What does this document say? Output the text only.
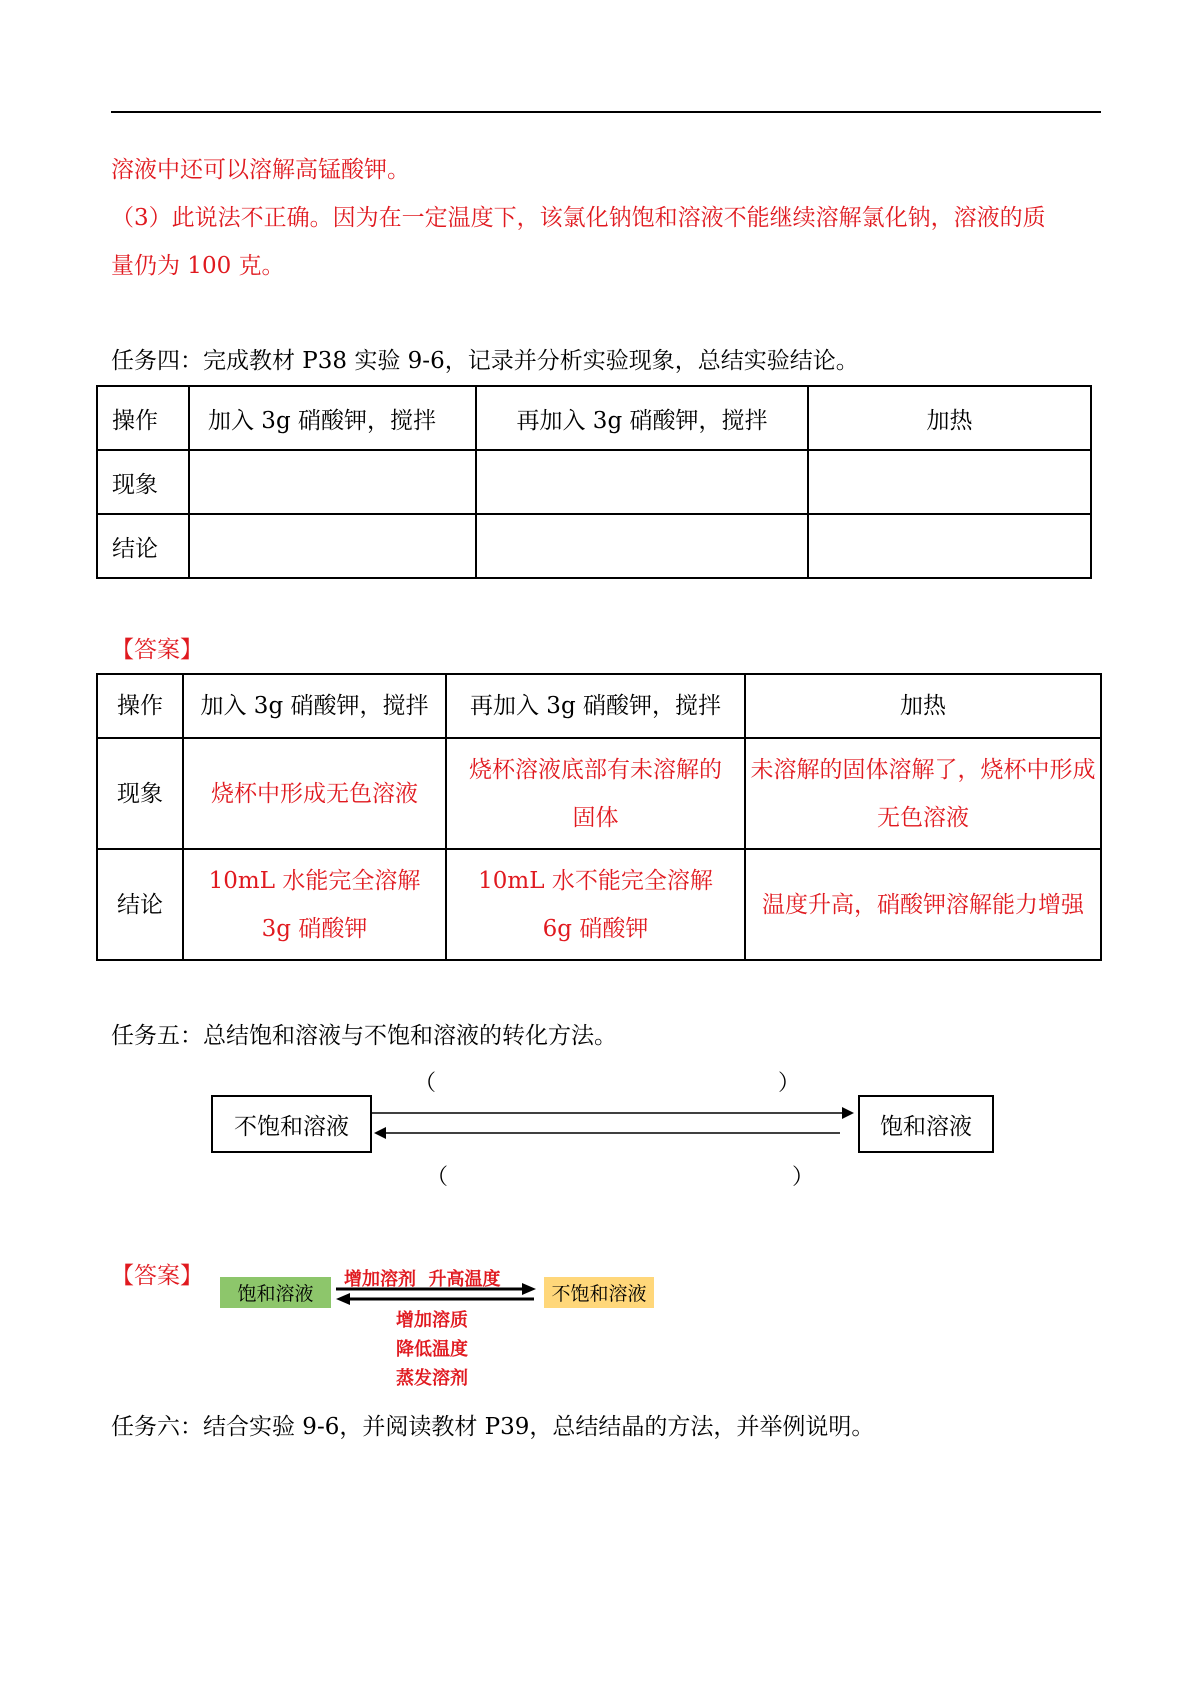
溶液中还可以溶解高锰酸钾。
（3）此说法不正确。因为在一定温度下，该氯化钠饱和溶液不能继续溶解氯化钠，溶液的质
量仍为 100 克。
任务四：完成教材 P38 实验 9-6，记录并分析实验现象，总结实验结论。
操作	加入 3g 硝酸钾，搅拌	再加入 3g 硝酸钾，搅拌	加热
现象			
结论			
【答案】
操作	加入 3g 硝酸钾，搅拌	再加入 3g 硝酸钾，搅拌	加热
现象	烧杯中形成无色溶液	烧杯溶液底部有未溶解的固体	未溶解的固体溶解了，烧杯中形成无色溶液
结论	10mL 水能完全溶解 3g 硝酸钾	10mL 水不能完全溶解 6g 硝酸钾	温度升高，硝酸钾溶解能力增强
任务五：总结饱和溶液与不饱和溶液的转化方法。
（	）
不饱和溶液	饱和溶液
（	）
【答案】
饱和溶液	不饱和溶液
增加溶剂  升高温度
增加溶质
降低温度
蒸发溶剂
任务六：结合实验 9-6，并阅读教材 P39，总结结晶的方法，并举例说明。
